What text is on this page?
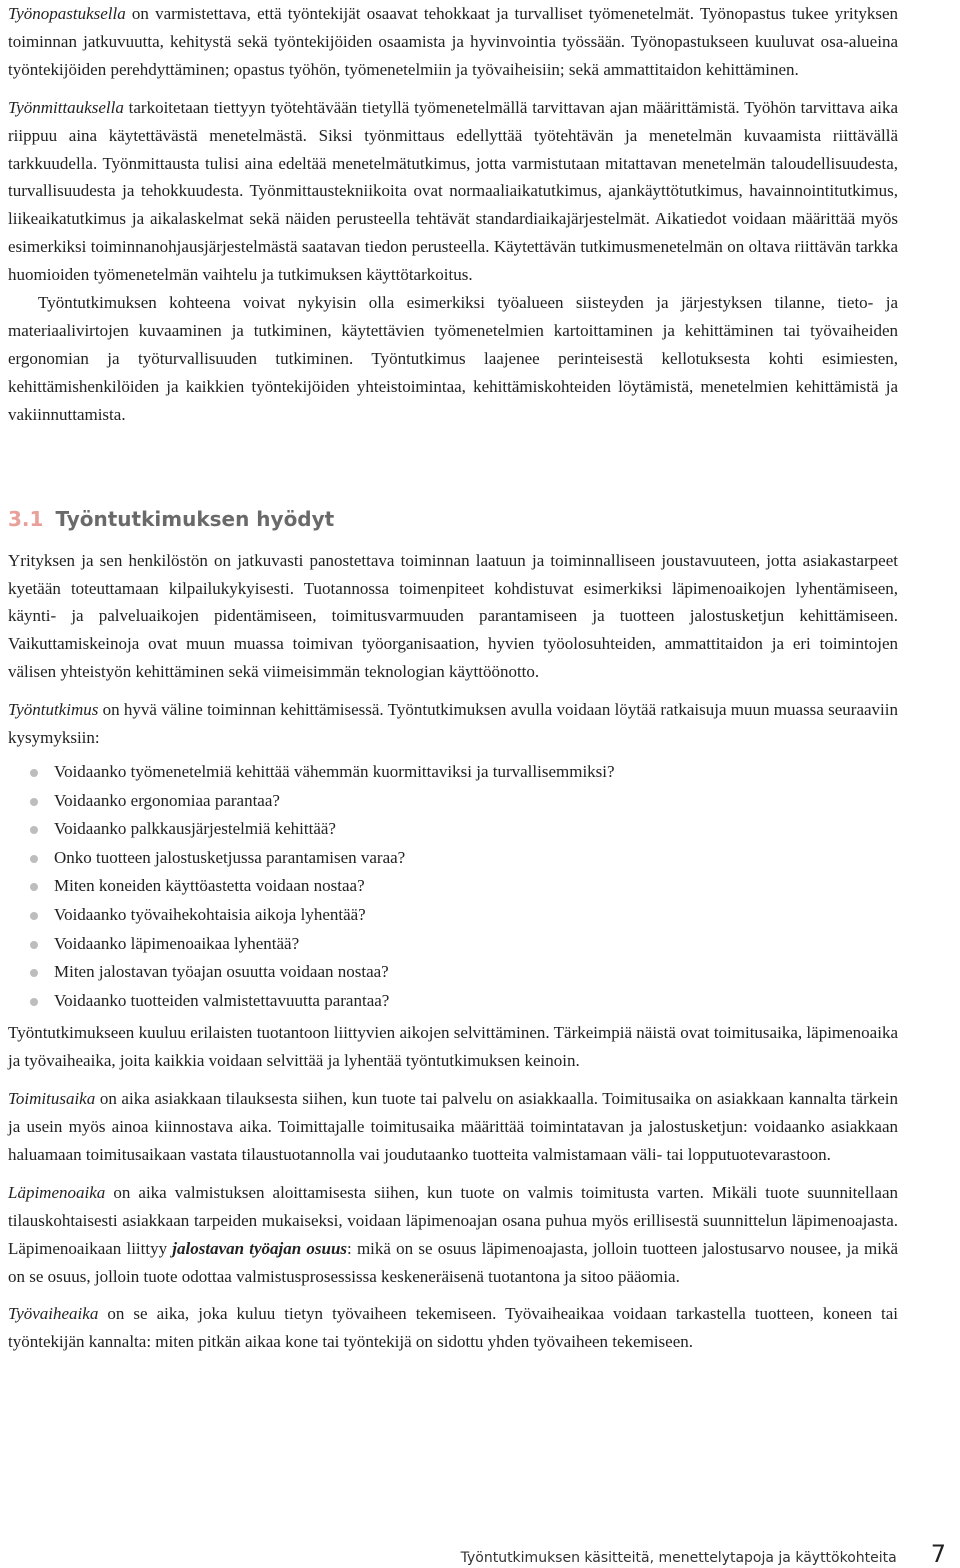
Työnopastuksella on varmistettava, että työntekijät osaavat tehokkaat ja turvalliset työmenetelmät. Työnopastus tukee yrityksen toiminnan jatkuvuutta, kehitystä sekä työntekijöiden osaamista ja hyvinvointia työssään. Työnopastukseen kuuluvat osa-alueina työntekijöiden perehdyttäminen; opastus työhön, työmenetelmiin ja työvaiheisiin; sekä ammattitaidon kehittäminen.

Työnmittauksella tarkoitetaan tiettyyn työtehtävään tietyllä työmenetelmällä tarvittavan ajan määrittämistä. Työhön tarvittava aika riippuu aina käytettävästä menetelmästä. Siksi työnmittaus edellyttää työtehtävän ja menetelmän kuvaamista riittävällä tarkkuudella. Työnmittausta tulisi aina edeltää menetelmätutkimus, jotta varmistutaan mitattavan menetelmän taloudellisuudesta, turvallisuudesta ja tehokkuudesta. Työnmittaustekniikoita ovat normaaliaikatutkimus, ajankäyttötutkimus, havainnointitutkimus, liikeaikatutkimus ja aikalaskelmat sekä näiden perusteella tehtävät standardiaikajärjestelmät. Aikatiedot voidaan määrittää myös esimerkiksi toiminnanohjausjärjestelmästä saatavan tiedon perusteella. Käytettävän tutkimusmenetelmän on oltava riittävän tarkka huomioiden työmenetelmän vaihtelu ja tutkimuksen käyttötarkoitus.

Työntutkimuksen kohteena voivat nykyisin olla esimerkiksi työalueen siisteyden ja järjestyksen tilanne, tieto- ja materiaalivirtojen kuvaaminen ja tutkiminen, käytettävien työmenetelmien kartoittaminen ja kehittäminen tai työvaiheiden ergonomian ja työturvallisuuden tutkiminen. Työntutkimus laajenee perinteisestä kellotuksesta kohti esimiesten, kehittämishenkilöiden ja kaikkien työntekijöiden yhteistoimintaa, kehittämiskohteiden löytämistä, menetelmien kehittämistä ja vakiinnuttamista.

3.1 Työntutkimuksen hyödyt

Yrityksen ja sen henkilöstön on jatkuvasti panostettava toiminnan laatuun ja toiminnalliseen joustavuuteen, jotta asiakastarpeet kyetään toteuttamaan kilpailukykyisesti. Tuotannossa toimenpiteet kohdistuvat esimerkiksi läpimenoaikojen lyhentämiseen, käynti- ja palveluaikojen pidentämiseen, toimitusvarmuuden parantamiseen ja tuotteen jalostusketjun kehittämiseen. Vaikuttamiskeinoja ovat muun muassa toimivan työorganisaation, hyvien työolosuhteiden, ammattitaidon ja eri toimintojen välisen yhteistyön kehittäminen sekä viimeisimmän teknologian käyttöönotto.

Työntutkimus on hyvä väline toiminnan kehittämisessä. Työntutkimuksen avulla voidaan löytää ratkaisuja muun muassa seuraaviin kysymyksiin:

Voidaanko työmenetelmiä kehittää vähemmän kuormittaviksi ja turvallisemmiksi?
Voidaanko ergonomiaa parantaa?
Voidaanko palkkausjärjestelmiä kehittää?
Onko tuotteen jalostusketjussa parantamisen varaa?
Miten koneiden käyttöastetta voidaan nostaa?
Voidaanko työvaihekohtaisia aikoja lyhentää?
Voidaanko läpimenoaikaa lyhentää?
Miten jalostavan työajan osuutta voidaan nostaa?
Voidaanko tuotteiden valmistettavuutta parantaa?

Työntutkimukseen kuuluu erilaisten tuotantoon liittyvien aikojen selvittäminen. Tärkeimpiä näistä ovat toimitusaika, läpimenoaika ja työvaiheaika, joita kaikkia voidaan selvittää ja lyhentää työntutkimuksen keinoin.

Toimitusaika on aika asiakkaan tilauksesta siihen, kun tuote tai palvelu on asiakkaalla. Toimitusaika on asiakkaan kannalta tärkein ja usein myös ainoa kiinnostava aika. Toimittajalle toimitusaika määrittää toimintatavan ja jalostusketjun: voidaanko asiakkaan haluamaan toimitusaikaan vastata tilaustuotannolla vai joudutaanko tuotteita valmistamaan väli- tai lopputuotevarastoon.

Läpimenoaika on aika valmistuksen aloittamisesta siihen, kun tuote on valmis toimitusta varten. Mikäli tuote suunnitellaan tilauskohtaisesti asiakkaan tarpeiden mukaiseksi, voidaan läpimenoajan osana puhua myös erillisestä suunnittelun läpimenoajasta. Läpimenoaikaan liittyy jalostavan työajan osuus: mikä on se osuus läpimenoajasta, jolloin tuotteen jalostusarvo nousee, ja mikä on se osuus, jolloin tuote odottaa valmistusprosessissa keskeneräisenä tuotantona ja sitoo pääomia.

Työvaiheaika on se aika, joka kuluu tietyn työvaiheen tekemiseen. Työvaiheaikaa voidaan tarkastella tuotteen, koneen tai työntekijän kannalta: miten pitkän aikaa kone tai työntekijä on sidottu yhden työvaiheen tekemiseen.

Työntutkimuksen käsitteitä, menettelytapoja ja käyttökohteita 7
